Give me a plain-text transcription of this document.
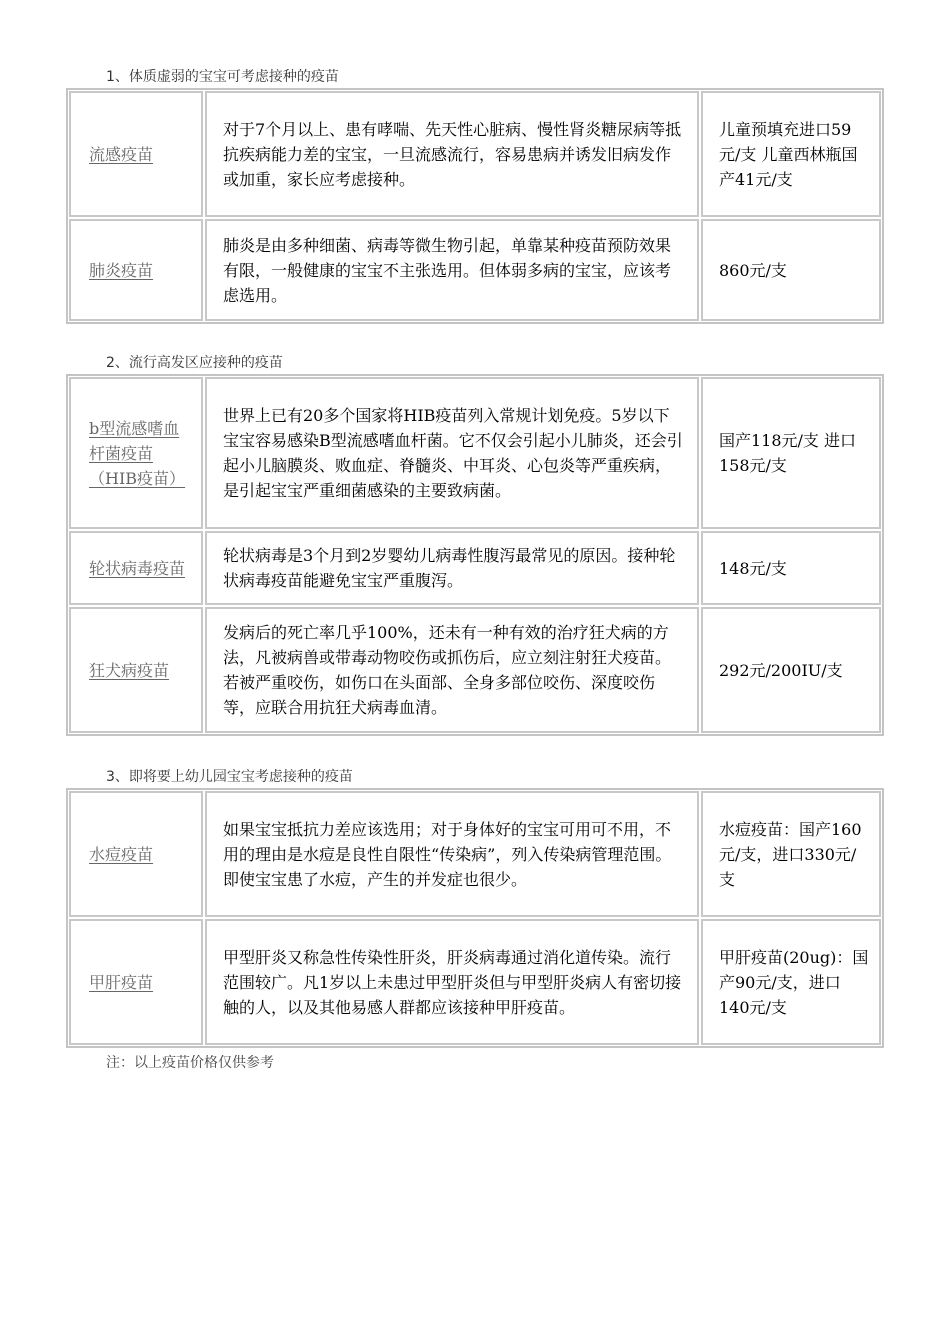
1、体质虚弱的宝宝可考虑接种的疫苗
流感疫苗
对于7个月以上、患有哮喘、先天性心脏病、慢性肾炎糖尿病等抵抗疾病能力差的宝宝，一旦流感流行，容易患病并诱发旧病发作或加重，家长应考虑接种。
儿童预填充进口59元/支 儿童西林瓶国产41元/支
肺炎疫苗
肺炎是由多种细菌、病毒等微生物引起，单靠某种疫苗预防效果有限，一般健康的宝宝不主张选用。但体弱多病的宝宝，应该考虑选用。
860元/支
2、流行高发区应接种的疫苗
b型流感嗜血杆菌疫苗（HIB疫苗）
世界上已有20多个国家将HIB疫苗列入常规计划免疫。5岁以下宝宝容易感染B型流感嗜血杆菌。它不仅会引起小儿肺炎，还会引起小儿脑膜炎、败血症、脊髓炎、中耳炎、心包炎等严重疾病，是引起宝宝严重细菌感染的主要致病菌。
国产118元/支 进口158元/支
轮状病毒疫苗
轮状病毒是3个月到2岁婴幼儿病毒性腹泻最常见的原因。接种轮状病毒疫苗能避免宝宝严重腹泻。
148元/支
狂犬病疫苗
发病后的死亡率几乎100%，还未有一种有效的治疗狂犬病的方法，凡被病兽或带毒动物咬伤或抓伤后，应立刻注射狂犬疫苗。若被严重咬伤，如伤口在头面部、全身多部位咬伤、深度咬伤等，应联合用抗狂犬病毒血清。
292元/200IU/支
3、即将要上幼儿园宝宝考虑接种的疫苗
水痘疫苗
如果宝宝抵抗力差应该选用；对于身体好的宝宝可用可不用，不用的理由是水痘是良性自限性“传染病”，列入传染病管理范围。即使宝宝患了水痘，产生的并发症也很少。
水痘疫苗：国产160元/支，进口330元/支
甲肝疫苗
甲型肝炎又称急性传染性肝炎，肝炎病毒通过消化道传染。流行范围较广。凡1岁以上未患过甲型肝炎但与甲型肝炎病人有密切接触的人，以及其他易感人群都应该接种甲肝疫苗。
甲肝疫苗(20ug)：国产90元/支，进口140元/支
注：以上疫苗价格仅供参考
